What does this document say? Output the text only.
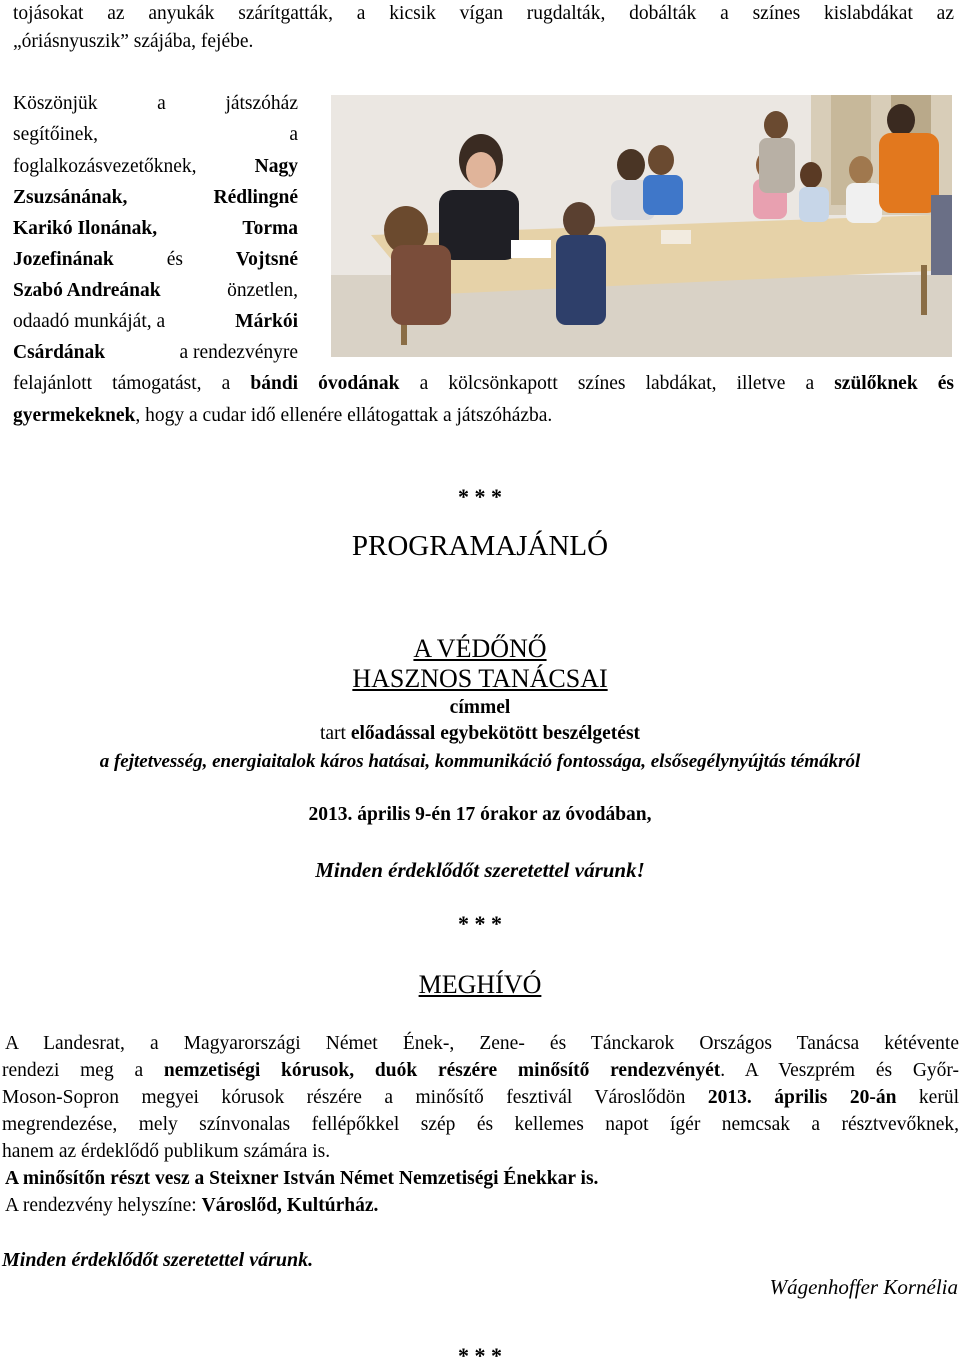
tojásokat az anyukák szárítgatták, a kicsik vígan rugdalták, dobálták a színes kislabdákat az
„óriásnyuszik” szájába, fejébe.
Köszönjük	a	játszóház
segítőinek,	a
foglalkozásvezetőknek,	Nagy
Zsuzsánának,	Rédlingné
Karikó Ilonának,	Torma
Jozefinának	és	Vojtsné
Szabó Andreának	önzetlen,
odaadó munkáját, a	Márkói
Csárdának	a rendezvényre
felajánlott támogatást, a bándi óvodának a kölcsönkapott színes labdákat, illetve a szülőknek és
gyermekeknek, hogy a cudar idő ellenére ellátogattak a játszóházba.
* * *
PROGRAMAJÁNLÓ
A VÉDŐNŐ
HASZNOS TANÁCSAI
címmel
tart előadással egybekötött beszélgetést
a fejtetvesség, energiaitalok káros hatásai, kommunikáció fontossága, elsősegélynyújtás témákról
2013. április 9-én 17 órakor az óvodában,
Minden érdeklődőt szeretettel várunk!
* * *
MEGHÍVÓ
A Landesrat, a Magyarországi Német Ének-, Zene- és Tánckarok Országos Tanácsa kétévente
rendezi meg a nemzetiségi kórusok, duók részére minősítő rendezvényét. A Veszprém és Győr-
Moson-Sopron megyei kórusok részére a minősítő fesztivál Városlődön 2013. április 20-án kerül
megrendezése, mely színvonalas fellépőkkel szép és kellemes napot ígér nemcsak a résztvevőknek,
hanem az érdeklődő publikum számára is.
A minősítőn részt vesz a Steixner István Német Nemzetiségi Énekkar is.
A rendezvény helyszíne: Városlőd, Kultúrház.
Minden érdeklődőt szeretettel várunk.
Wágenhoffer Kornélia
* * *
